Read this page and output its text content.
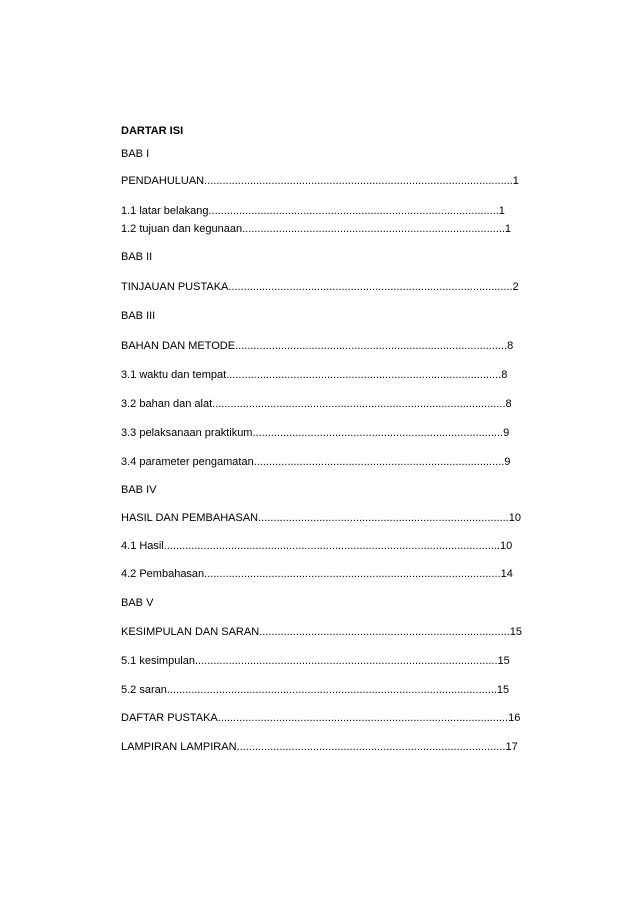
DARTAR ISI
BAB I
PENDAHULUAN.....................................................................................................1
1.1 latar belakang...............................................................................................1
1.2 tujuan dan kegunaan......................................................................................1
BAB II
TINJAUAN PUSTAKA.............................................................................................2
BAB III
BAHAN DAN METODE.........................................................................................8
3.1 waktu dan tempat..........................................................................................8
3.2 bahan dan alat................................................................................................8
3.3 pelaksanaan praktikum..................................................................................9
3.4 parameter pengamatan..................................................................................9
BAB IV
HASIL DAN PEMBAHASAN..................................................................................10
4.1 Hasil..............................................................................................................10
4.2 Pembahasan.................................................................................................14
BAB V
KESIMPULAN DAN SARAN..................................................................................15
5.1 kesimpulan...................................................................................................15
5.2 saran............................................................................................................15
DAFTAR PUSTAKA...............................................................................................16
LAMPIRAN LAMPIRAN........................................................................................17
